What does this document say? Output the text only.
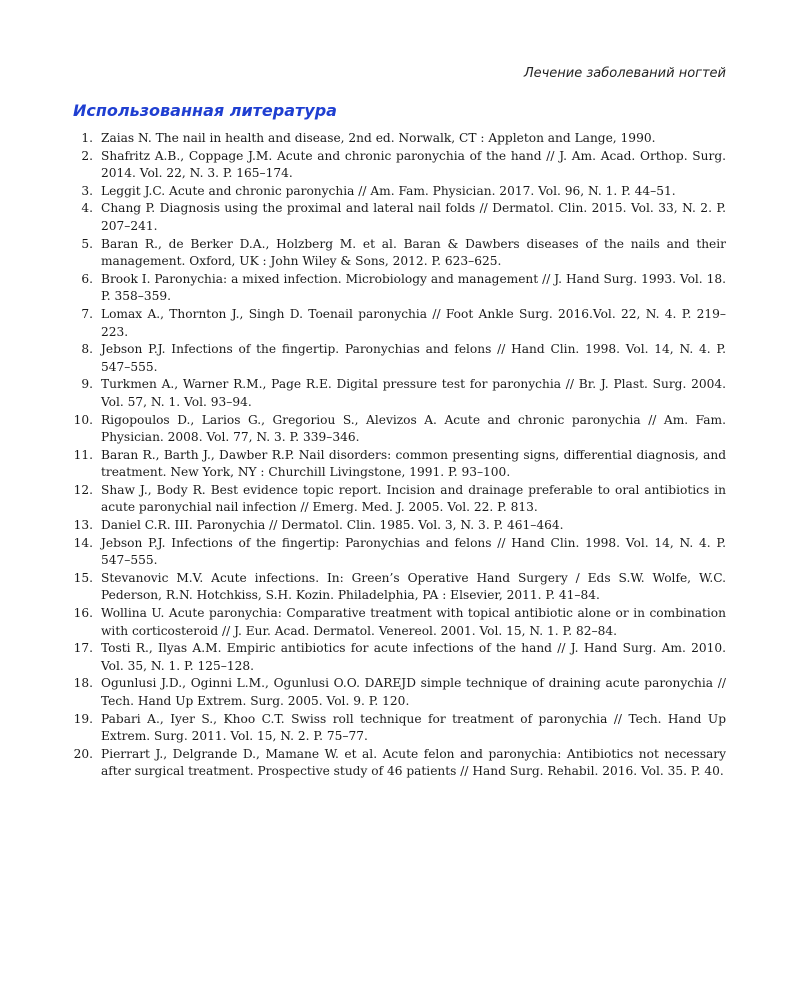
Лечение заболеваний ногтей
Использованная литература
1. Zaias N. The nail in health and disease, 2nd ed. Norwalk, CT : Appleton and Lange, 1990.
2. Shafritz A.B., Coppage J.M. Acute and chronic paronychia of the hand // J. Am. Acad. Orthop. Surg. 2014. Vol. 22, N. 3. P. 165–174.
3. Leggit J.C. Acute and chronic paronychia // Am. Fam. Physician. 2017. Vol. 96, N. 1. P. 44–51.
4. Chang P. Diagnosis using the proximal and lateral nail folds // Dermatol. Clin. 2015. Vol. 33, N. 2. P. 207–241.
5. Baran R., de Berker D.A., Holzberg M. et al. Baran & Dawbers diseases of the nails and their management. Oxford, UK : John Wiley & Sons, 2012. P. 623–625.
6. Brook I. Paronychia: a mixed infection. Microbiology and management // J. Hand Surg. 1993. Vol. 18. P. 358–359.
7. Lomax A., Thornton J., Singh D. Toenail paronychia // Foot Ankle Surg. 2016.Vol. 22, N. 4. P. 219–223.
8. Jebson P.J. Infections of the fingertip. Paronychias and felons // Hand Clin. 1998. Vol. 14, N. 4. P. 547–555.
9. Turkmen A., Warner R.M., Page R.E. Digital pressure test for paronychia // Br. J. Plast. Surg. 2004. Vol. 57, N. 1. Vol. 93–94.
10. Rigopoulos D., Larios G., Gregoriou S., Alevizos A. Acute and chronic paronychia // Am. Fam. Physician. 2008. Vol. 77, N. 3. P. 339–346.
11. Baran R., Barth J., Dawber R.P. Nail disorders: common presenting signs, differential diagnosis, and treatment. New York, NY : Churchill Livingstone, 1991. P. 93–100.
12. Shaw J., Body R. Best evidence topic report. Incision and drainage preferable to oral antibiotics in acute paronychial nail infection // Emerg. Med. J. 2005. Vol. 22. P. 813.
13. Daniel C.R. III. Paronychia // Dermatol. Clin. 1985. Vol. 3, N. 3. P. 461–464.
14. Jebson P.J. Infections of the fingertip: Paronychias and felons // Hand Clin. 1998. Vol. 14, N. 4. P. 547–555.
15. Stevanovic M.V. Acute infections. In: Green’s Operative Hand Surgery / Eds S.W. Wolfe, W.C. Pederson, R.N. Hotchkiss, S.H. Kozin. Philadelphia, PA : Elsevier, 2011. P. 41–84.
16. Wollina U. Acute paronychia: Comparative treatment with topical antibiotic alone or in combination with corticosteroid // J. Eur. Acad. Dermatol. Venereol. 2001. Vol. 15, N. 1. P. 82–84.
17. Tosti R., Ilyas A.M. Empiric antibiotics for acute infections of the hand // J. Hand Surg. Am. 2010. Vol. 35, N. 1. P. 125–128.
18. Ogunlusi J.D., Oginni L.M., Ogunlusi O.O. DAREJD simple technique of draining acute paronychia // Tech. Hand Up Extrem. Surg. 2005. Vol. 9. P. 120.
19. Pabari A., Iyer S., Khoo C.T. Swiss roll technique for treatment of paronychia // Tech. Hand Up Extrem. Surg. 2011. Vol. 15, N. 2. P. 75–77.
20. Pierrart J., Delgrande D., Mamane W. et al. Acute felon and paronychia: Antibiotics not necessary after surgical treatment. Prospective study of 46 patients // Hand Surg. Rehabil. 2016. Vol. 35. P. 40.
